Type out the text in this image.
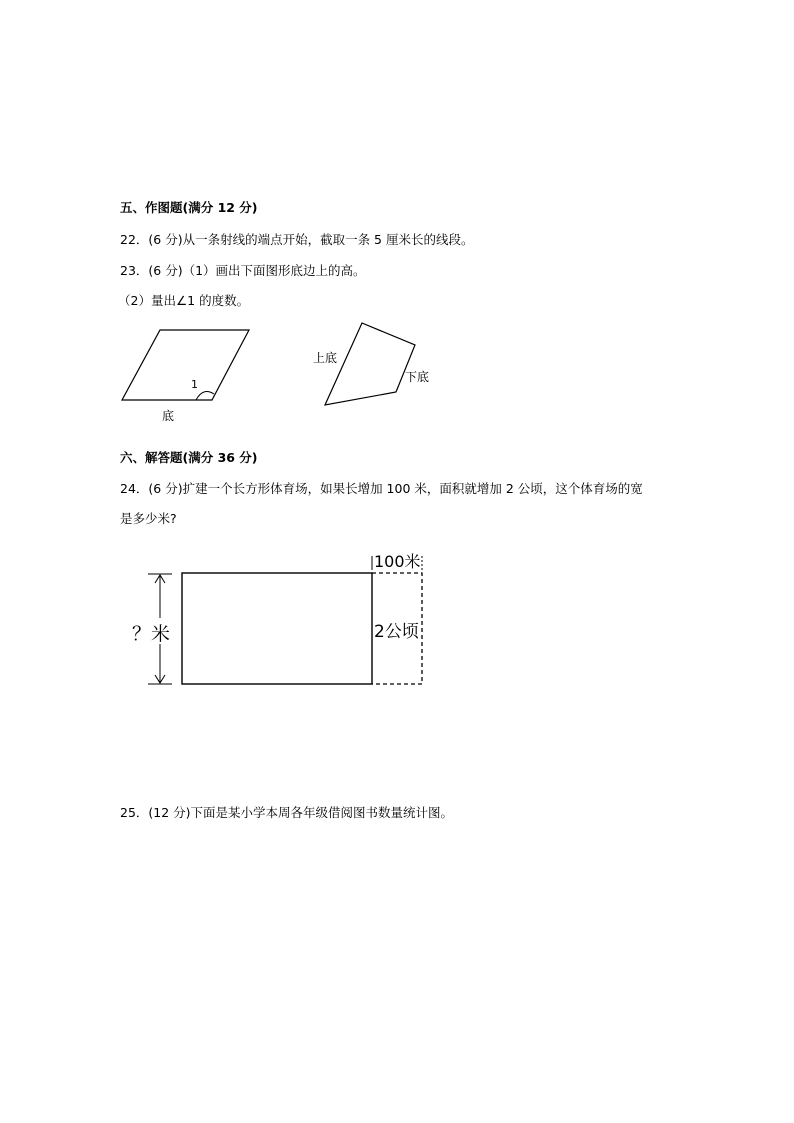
五、作图题(满分 12 分)
22．(6 分)从一条射线的端点开始，截取一条 5 厘米长的线段。
23．(6 分)（1）画出下面图形底边上的高。
（2）量出∠1 的度数。
1
底
上底
下底
六、解答题(满分 36 分)
24．(6 分)扩建一个长方形体育场，如果长增加 100 米，面积就增加 2 公顷，这个体育场的宽
是多少米?
100米
2公顷
？米
25．(12 分)下面是某小学本周各年级借阅图书数量统计图。
